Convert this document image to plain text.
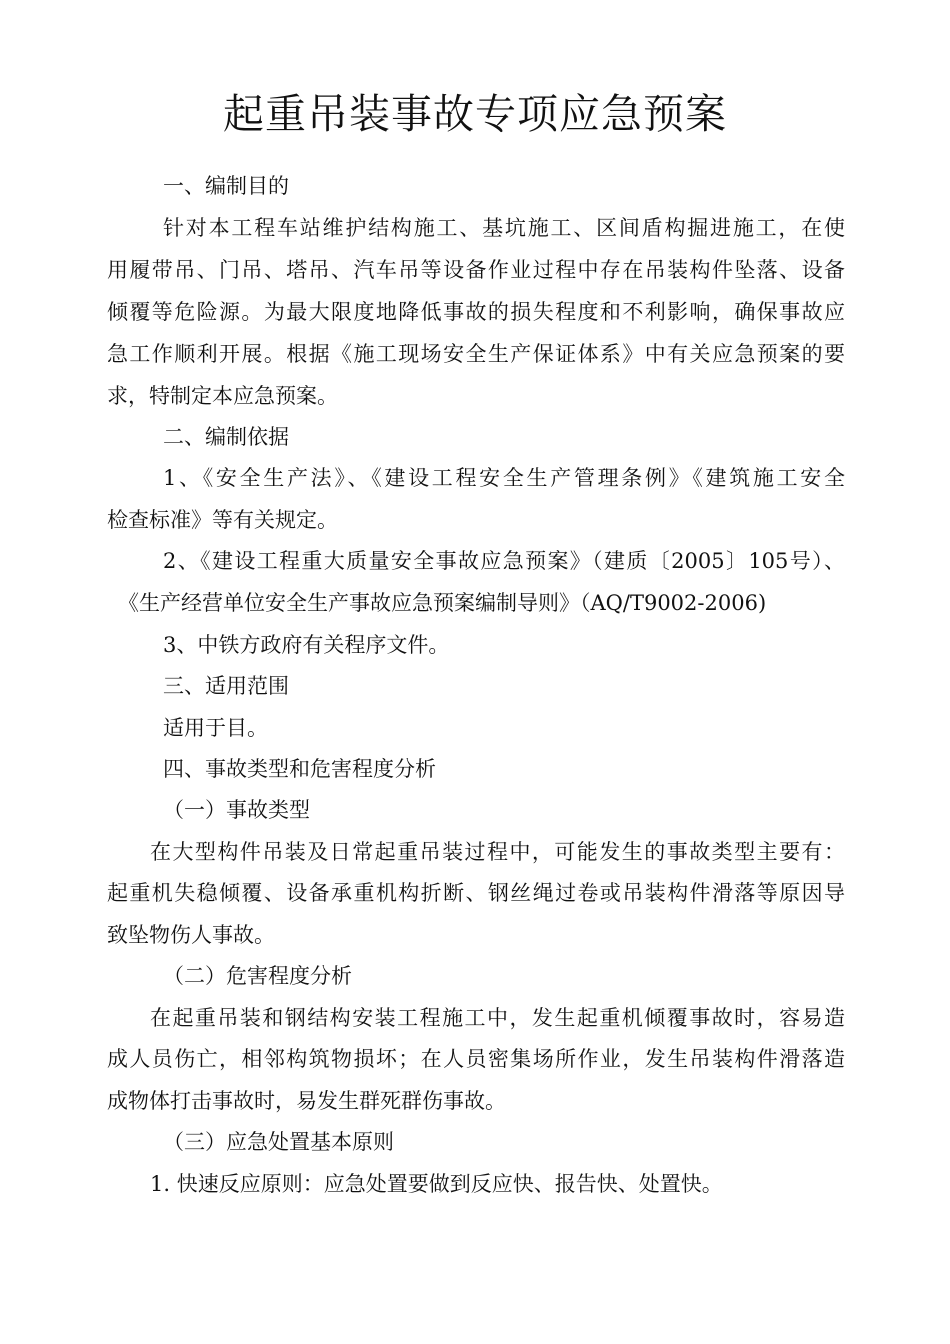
起重吊装事故专项应急预案

一、编制目的

针对本工程车站维护结构施工、基坑施工、区间盾构掘进施工，在使

用履带吊、门吊、塔吊、汽车吊等设备作业过程中存在吊装构件坠落、设备

倾覆等危险源。为最大限度地降低事故的损失程度和不利影响，确保事故应

急工作顺利开展。根据《施工现场安全生产保证体系》中有关应急预案的要

求，特制定本应急预案。

二、编制依据

1、《安全生产法》、《建设工程安全生产管理条例》《建筑施工安全

检查标准》等有关规定。

2、《建设工程重大质量安全事故应急预案》（建质〔2005〕105号）、

《生产经营单位安全生产事故应急预案编制导则》（AQ/T9002-2006)

3、中铁方政府有关程序文件。

三、适用范围

适用于目。

四、事故类型和危害程度分析

（一）事故类型

在大型构件吊装及日常起重吊装过程中，可能发生的事故类型主要有：

起重机失稳倾覆、设备承重机构折断、钢丝绳过卷或吊装构件滑落等原因导

致坠物伤人事故。

（二）危害程度分析

在起重吊装和钢结构安装工程施工中，发生起重机倾覆事故时，容易造

成人员伤亡，相邻构筑物损坏；在人员密集场所作业，发生吊装构件滑落造

成物体打击事故时，易发生群死群伤事故。

（三）应急处置基本原则

1. 快速反应原则：应急处置要做到反应快、报告快、处置快。
